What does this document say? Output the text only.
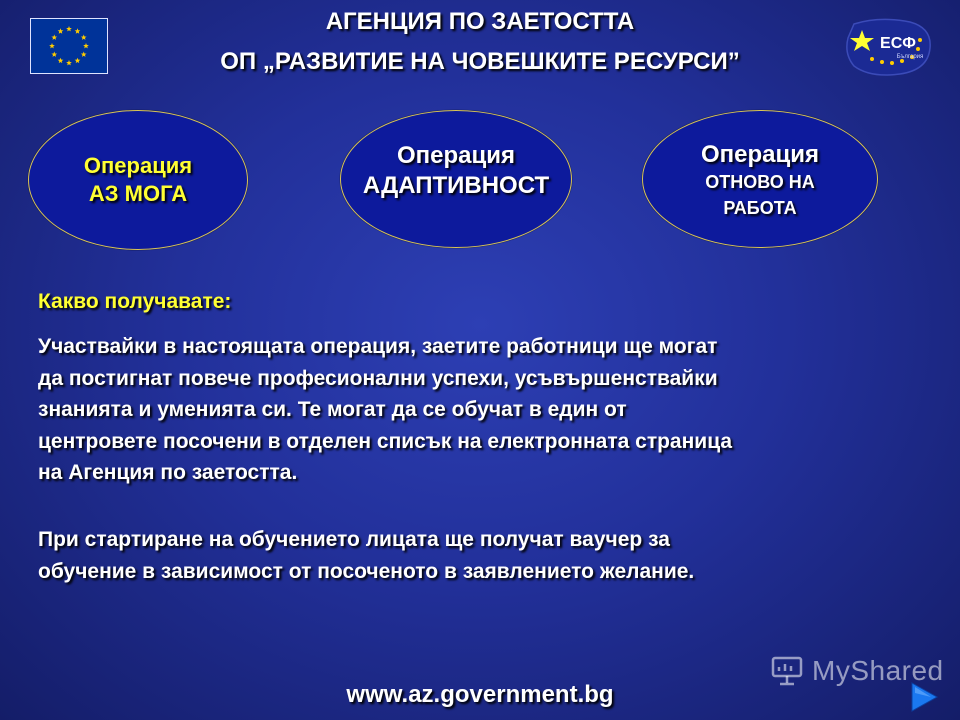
АГЕНЦИЯ ПО ЗАЕТОСТТА
ОП „РАЗВИТИЕ НА ЧОВЕШКИТЕ РЕСУРСИ”
ЕСФ
България
Операция
АЗ МОГА
Операция
АДАПТИВНОСТ
Операция
ОТНОВО НА
РАБОТА
Какво получавате:
Участвайки в настоящата операция, заетите работници ще могат
да постигнат повече професионални успехи, усъвършенствайки
знанията и уменията си. Те могат да се обучат в един от
центровете посочени в отделен списък на електронната страница
на Агенция по заетостта.
При стартиране на обучението лицата ще получат ваучер за
обучение в зависимост от посоченото в заявлението желание.
www.az.government.bg
MyShared
